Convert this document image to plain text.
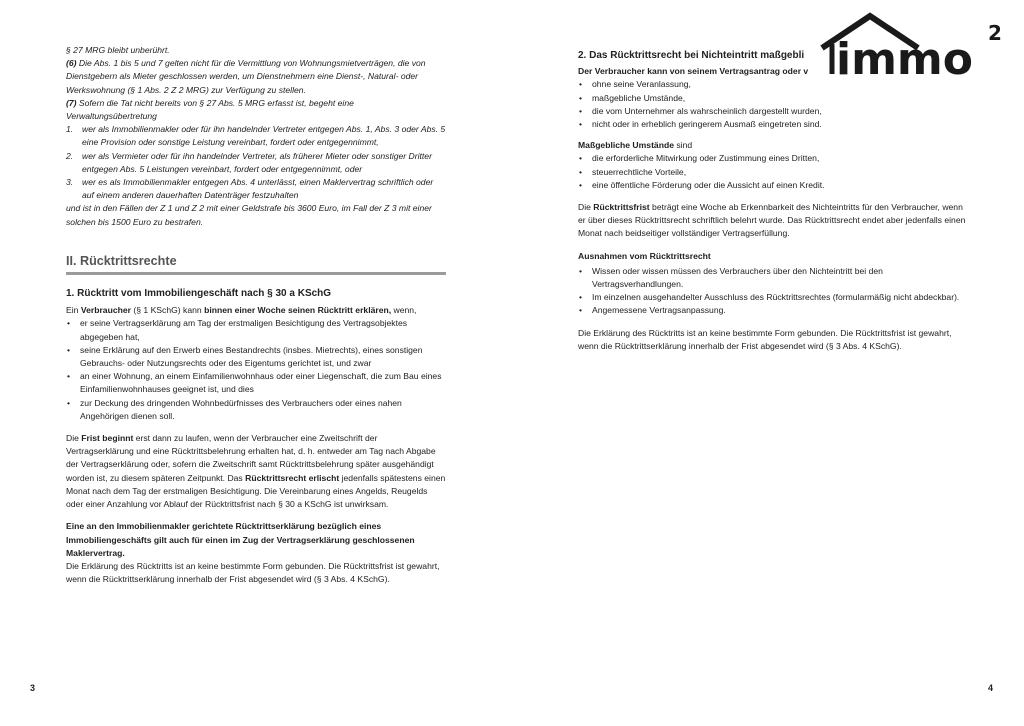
§ 27 MRG bleibt unberührt.

(6) Die Abs. 1 bis 5 und 7 gelten nicht für die Vermittlung von Wohnungsmietverträgen, die von Dienstgebern als Mieter geschlossen werden, um Dienstnehmern eine Dienst-, Natural- oder Werkswohnung (§ 1 Abs. 2 Z 2 MRG) zur Verfügung zu stellen.

(7) Sofern die Tat nicht bereits von § 27 Abs. 5 MRG erfasst ist, begeht eine Verwaltungsübertretung

1. wer als Immobilienmakler oder für ihn handelnder Vertreter entgegen Abs. 1, Abs. 3 oder Abs. 5 eine Provision oder sonstige Leistung vereinbart, fordert oder entgegennimmt,
2. wer als Vermieter oder für ihn handelnder Vertreter, als früherer Mieter oder sonstiger Dritter entgegen Abs. 5 Leistungen vereinbart, fordert oder entgegennimmt, oder
3. wer es als Immobilienmakler entgegen Abs. 4 unterlässt, einen Maklervertrag schriftlich oder auf einem anderen dauerhaften Datenträger festzuhalten

und ist in den Fällen der Z 1 und Z 2 mit einer Geldstrafe bis 3600 Euro, im Fall der Z 3 mit einer solchen bis 1500 Euro zu bestrafen.

II. Rücktrittsrechte

1. Rücktritt vom Immobiliengeschäft nach § 30 a KSchG

Ein Verbraucher (§ 1 KSchG) kann binnen einer Woche seinen Rücktritt erklären, wenn,

• er seine Vertragserklärung am Tag der erstmaligen Besichtigung des Vertragsobjektes abgegeben hat,
• seine Erklärung auf den Erwerb eines Bestandrechts (insbes. Mietrechts), eines sonstigen Gebrauchs- oder Nutzungsrechts oder des Eigentums gerichtet ist, und zwar
• an einer Wohnung, an einem Einfamilienwohnhaus oder einer Liegenschaft, die zum Bau eines Einfamilienwohnhauses geeignet ist, und dies
• zur Deckung des dringenden Wohnbedürfnisses des Verbrauchers oder eines nahen Angehörigen dienen soll.

Die Frist beginnt erst dann zu laufen, wenn der Verbraucher eine Zweitschrift der Vertragserklärung und eine Rücktrittsbelehrung erhalten hat, d. h. entweder am Tag nach Abgabe der Vertragserklärung oder, sofern die Zweitschrift samt Rücktrittsbelehrung später ausgehändigt worden ist, zu diesem späteren Zeitpunkt. Das Rücktrittsrecht erlischt jedenfalls spätestens einen Monat nach dem Tag der erstmaligen Besichtigung. Die Vereinbarung eines Angelds, Reugelds oder einer Anzahlung vor Ablauf der Rücktrittsfrist nach § 30 a KSchG ist unwirksam.

Eine an den Immobilienmakler gerichtete Rücktrittserklärung bezüglich eines Immobiliengeschäfts gilt auch für einen im Zug der Vertragserklärung geschlossenen Maklervertrag.

Die Erklärung des Rücktritts ist an keine bestimmte Form gebunden. Die Rücktrittsfrist ist gewahrt, wenn die Rücktrittserklärung innerhalb der Frist abgesendet wird (§ 3 Abs. 4 KSchG).

3

2. Das Rücktrittsrecht bei Nichteintritt maßgebli

Der Verbraucher kann von seinem Vertragsantrag oder v

• ohne seine Veranlassung,
• maßgebliche Umstände,
• die vom Unternehmer als wahrscheinlich dargestellt wurden,
• nicht oder in erheblich geringerem Ausmaß eingetreten sind.

Maßgebliche Umstände sind

• die erforderliche Mitwirkung oder Zustimmung eines Dritten,
• steuerrechtliche Vorteile,
• eine öffentliche Förderung oder die Aussicht auf einen Kredit.

Die Rücktrittsfrist beträgt eine Woche ab Erkennbarkeit des Nichteintritts für den Verbraucher, wenn er über dieses Rücktrittsrecht schriftlich belehrt wurde. Das Rücktrittsrecht endet aber jedenfalls einen Monat nach beidseitiger vollständiger Vertragserfüllung.

Ausnahmen vom Rücktrittsrecht

• Wissen oder wissen müssen des Verbrauchers über den Nichteintritt bei den Vertragsverhandlungen.
• Im einzelnen ausgehandelter Ausschluss des Rücktrittsrechtes (formularmäßig nicht abdeckbar).
• Angemessene Vertragsanpassung.

Die Erklärung des Rücktritts ist an keine bestimmte Form gebunden. Die Rücktrittsfrist ist gewahrt, wenn die Rücktrittserklärung innerhalb der Frist abgesendet wird (§ 3 Abs. 4 KSchG).

4
immo
2
